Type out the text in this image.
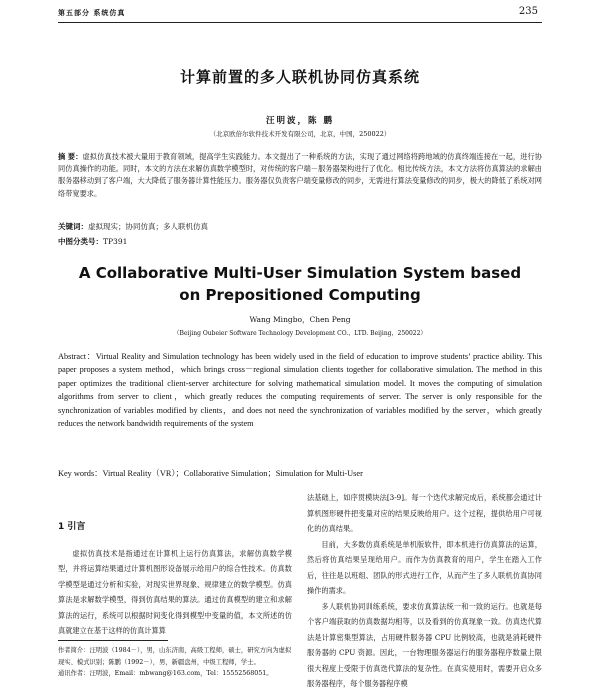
第五部分 系统仿真	235
计算前置的多人联机协同仿真系统
汪明波，陈 鹏
（北京欧倍尔软件技术开发有限公司，北京，中国，250022）
摘 要：虚拟仿真技术被大量用于教育领域，提高学生实践能力。本文提出了一种系统的方法，实现了通过网络将跨地域的仿真终端连接在一起，进行协同仿真操作的功能。同时，本文的方法在求解仿真数学模型时，对传统的客户端－服务器架构进行了优化。相比传统方法，本文方法将仿真算法的求解由服务器移动到了客户端，大大降低了服务器计算性能压力。服务器仅负责客户端变量修改的同步，无需进行算法变量修改的同步，极大的降低了系统对网络带宽要求。
关键词：虚拟现实；协同仿真；多人联机仿真
中图分类号：TP391
A Collaborative Multi-User Simulation System based
on Prepositioned Computing
Wang Mingbo，Chen Peng
（Beijing Oubeier Software Technology Development CO.，LTD. Beijing，250022）
Abstract：Virtual Reality and Simulation technology has been widely used in the field of education to improve students’ practice ability. This paper proposes a system method，which brings cross－regional simulation clients together for collaborative simulation. The method in this paper optimizes the traditional client-server architecture for solving mathematical simulation model. It moves the computing of simulation algorithms from server to client，which greatly reduces the computing requirements of server. The server is only responsible for the synchronization of variables modified by clients，and does not need the synchronization of variables modified by the server，which greatly reduces the network bandwidth requirements of the system
Key words：Virtual Reality（VR）；Collaborative Simulation；Simulation for Multi-User
1 引言

虚拟仿真技术是指通过在计算机上运行仿真算法，求解仿真数学模型，并将运算结果通过计算机图形设备展示给用户的综合性技术。仿真数学模型是通过分析和实验，对现实世界现象、规律建立的数学模型。仿真算法是求解数学模型，得到仿真结果的算法。通过仿真模型的建立和求解算法的运行，系统可以根据时间变化得到模型中变量的值，本文所述的仿真就建立在基于这样的仿真计算算

法基础上，如序贯模块法[3-9]。每一个迭代求解完成后，系统都会通过计算机图形硬件把变量对应的结果反映给用户。这个过程，提供给用户可视化的仿真结果。

目前，大多数仿真系统是单机版软件，即本机进行仿真算法的运算，然后将仿真结果呈现给用户。而作为仿真教育的用户，学生在踏入工作后，往往是以班组、团队的形式进行工作，从而产生了多人联机仿真协同操作的需求。

多人联机协同训练系统，要求仿真算法统一和一致的运行。也就是每个客户端获取的仿真数据均相等，以及看到的仿真现象一致。仿真迭代算法是计算密集型算法，占用硬件服务器 CPU 比例较高，也就是消耗硬件服务器的 CPU 资源。因此，一台物理服务器运行的服务器程序数量上限很大程度上受限于仿真迭代算法的复杂性。在真实使用时，需要开启众多服务器程序，每个服务器程序模

作者简介：汪明波（1984－），男，山东济南，高级工程师，硕士，研究方向为虚拟现实、模式识别；陈鹏（1992－），男，新疆盘州，中级工程师，学士。
通讯作者：汪明波，Email：mbwang@163.com，Tel：15552568051。
